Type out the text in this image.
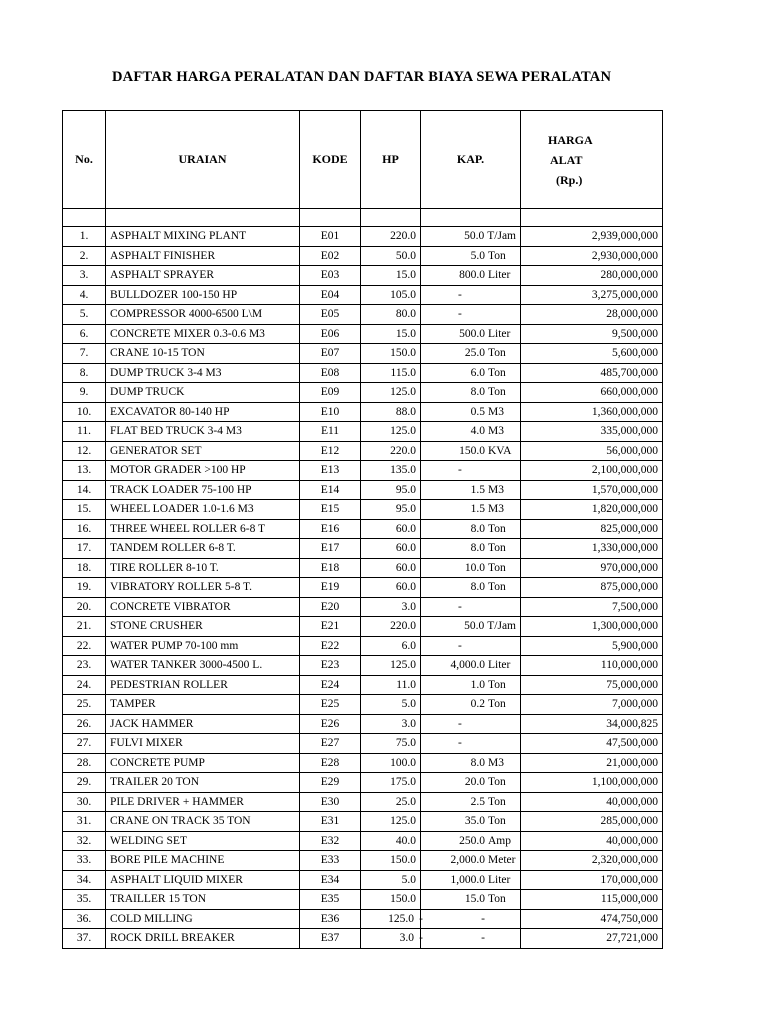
DAFTAR HARGA PERALATAN DAN DAFTAR BIAYA SEWA PERALATAN
No.	URAIAN	KODE	HP	KAP.	HARGA
ALAT
(Rp.)

1.	ASPHALT MIXING PLANT	E01	220.0	50.0 T/Jam	2,939,000,000
2.	ASPHALT FINISHER	E02	50.0	5.0 Ton	2,930,000,000
3.	ASPHALT SPRAYER	E03	15.0	800.0 Liter	280,000,000
4.	BULLDOZER 100-150 HP	E04	105.0	-	3,275,000,000
5.	COMPRESSOR 4000-6500 L\M	E05	80.0	-	28,000,000
6.	CONCRETE MIXER 0.3-0.6 M3	E06	15.0	500.0 Liter	9,500,000
7.	CRANE 10-15 TON	E07	150.0	25.0 Ton	5,600,000
8.	DUMP TRUCK 3-4 M3	E08	115.0	6.0 Ton	485,700,000
9.	DUMP TRUCK	E09	125.0	8.0 Ton	660,000,000
10.	EXCAVATOR 80-140 HP	E10	88.0	0.5 M3	1,360,000,000
11.	FLAT BED TRUCK 3-4 M3	E11	125.0	4.0 M3	335,000,000
12.	GENERATOR SET	E12	220.0	150.0 KVA	56,000,000
13.	MOTOR GRADER >100 HP	E13	135.0	-	2,100,000,000
14.	TRACK LOADER 75-100 HP	E14	95.0	1.5 M3	1,570,000,000
15.	WHEEL LOADER 1.0-1.6 M3	E15	95.0	1.5 M3	1,820,000,000
16.	THREE WHEEL ROLLER 6-8 T	E16	60.0	8.0 Ton	825,000,000
17.	TANDEM ROLLER 6-8 T.	E17	60.0	8.0 Ton	1,330,000,000
18.	TIRE ROLLER 8-10 T.	E18	60.0	10.0 Ton	970,000,000
19.	VIBRATORY ROLLER 5-8 T.	E19	60.0	8.0 Ton	875,000,000
20.	CONCRETE VIBRATOR	E20	3.0	-	7,500,000
21.	STONE CRUSHER	E21	220.0	50.0 T/Jam	1,300,000,000
22.	WATER PUMP 70-100 mm	E22	6.0	-	5,900,000
23.	WATER TANKER 3000-4500 L.	E23	125.0	4,000.0 Liter	110,000,000
24.	PEDESTRIAN ROLLER	E24	11.0	1.0 Ton	75,000,000
25.	TAMPER	E25	5.0	0.2 Ton	7,000,000
26.	JACK HAMMER	E26	3.0	-	34,000,825
27.	FULVI MIXER	E27	75.0	-	47,500,000
28.	CONCRETE PUMP	E28	100.0	8.0 M3	21,000,000
29.	TRAILER 20 TON	E29	175.0	20.0 Ton	1,100,000,000
30.	PILE DRIVER + HAMMER	E30	25.0	2.5 Ton	40,000,000
31.	CRANE ON TRACK 35 TON	E31	125.0	35.0 Ton	285,000,000
32.	WELDING SET	E32	40.0	250.0 Amp	40,000,000
33.	BORE PILE MACHINE	E33	150.0	2,000.0 Meter	2,320,000,000
34.	ASPHALT LIQUID MIXER	E34	5.0	1,000.0 Liter	170,000,000
35.	TRAILLER 15 TON	E35	150.0	15.0 Ton	115,000,000
36.	COLD MILLING	E36	125.0 -	-	474,750,000
37.	ROCK DRILL BREAKER	E37	3.0 -	-	27,721,000
